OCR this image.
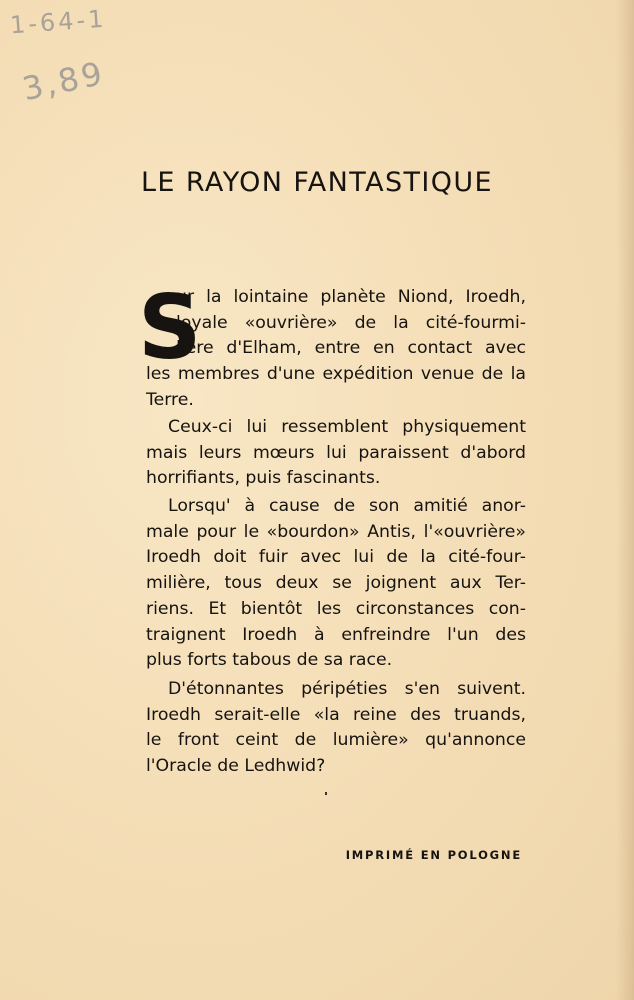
1-64-1
3,89
LE RAYON FANTASTIQUE
S
ur la lointaine planète Niond, Iroedh,
loyale «ouvrière» de la cité-fourmi-
lière d'Elham, entre en contact avec
les membres d'une expédition venue de la
Terre.
Ceux-ci lui ressemblent physiquement
mais leurs mœurs lui paraissent d'abord
horrifiants, puis fascinants.
Lorsqu' à cause de son amitié anor-
male pour le «bourdon» Antis, l'«ouvrière»
Iroedh doit fuir avec lui de la cité-four-
milière, tous deux se joignent aux Ter-
riens. Et bientôt les circonstances con-
traignent Iroedh à enfreindre l'un des
plus forts tabous de sa race.
D'étonnantes péripéties s'en suivent.
Iroedh serait-elle «la reine des truands,
le front ceint de lumière» qu'annonce
l'Oracle de Ledhwid?
IMPRIMÉ EN POLOGNE
